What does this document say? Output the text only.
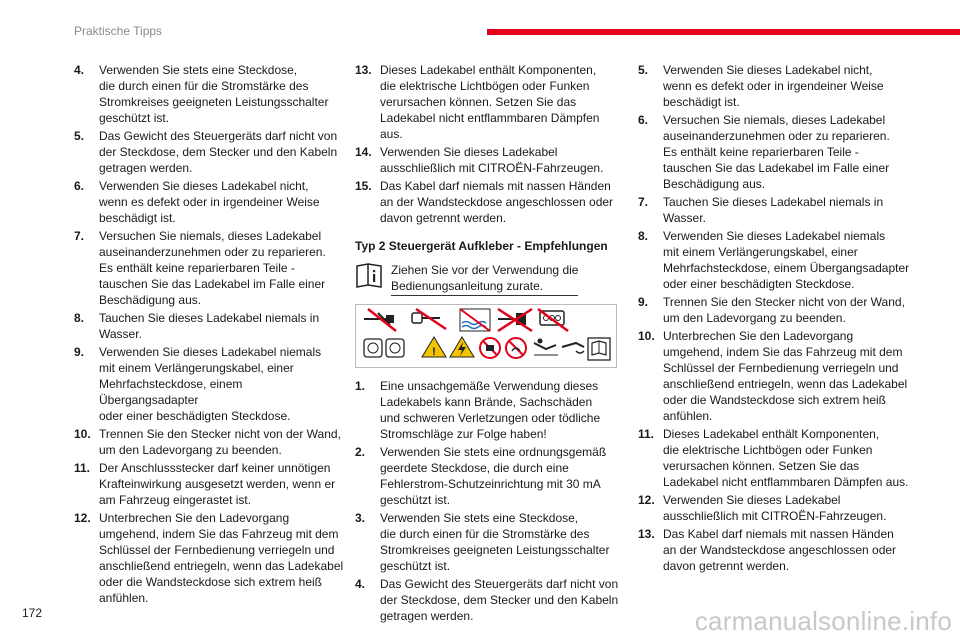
Praktische Tipps
4.	Verwenden Sie stets eine Steckdose,
die durch einen für die Stromstärke des
Stromkreises geeigneten Leistungsschalter
geschützt ist.
5.	Das Gewicht des Steuergeräts darf nicht von
der Steckdose, dem Stecker und den Kabeln
getragen werden.
6.	Verwenden Sie dieses Ladekabel nicht,
wenn es defekt oder in irgendeiner Weise
beschädigt ist.
7.	Versuchen Sie niemals, dieses Ladekabel
auseinanderzunehmen oder zu reparieren.
Es enthält keine reparierbaren Teile -
tauschen Sie das Ladekabel im Falle einer
Beschädigung aus.
8.	Tauchen Sie dieses Ladekabel niemals in
Wasser.
9.	Verwenden Sie dieses Ladekabel niemals
mit einem Verlängerungskabel, einer
Mehrfachsteckdose, einem Übergangsadapter
oder einer beschädigten Steckdose.
10. Trennen Sie den Stecker nicht von der Wand,
um den Ladevorgang zu beenden.
11. Der Anschlussstecker darf keiner unnötigen
Krafteinwirkung ausgesetzt werden, wenn er
am Fahrzeug eingerastet ist.
12. Unterbrechen Sie den Ladevorgang
umgehend, indem Sie das Fahrzeug mit dem
Schlüssel der Fernbedienung verriegeln und
anschließend entriegeln, wenn das Ladekabel
oder die Wandsteckdose sich extrem heiß
anfühlen.
13. Dieses Ladekabel enthält Komponenten,
die elektrische Lichtbögen oder Funken
verursachen können. Setzen Sie das
Ladekabel nicht entflammbaren Dämpfen aus.
14. Verwenden Sie dieses Ladekabel
ausschließlich mit CITROËN-Fahrzeugen.
15. Das Kabel darf niemals mit nassen Händen
an der Wandsteckdose angeschlossen oder
davon getrennt werden.
Typ 2 Steuergerät Aufkleber - Empfehlungen
Ziehen Sie vor der Verwendung die
Bedienungsanleitung zurate.
!
1.	Eine unsachgemäße Verwendung dieses
Ladekabels kann Brände, Sachschäden
und schweren Verletzungen oder tödliche
Stromschläge zur Folge haben!
2.	Verwenden Sie stets eine ordnungsgemäß
geerdete Steckdose, die durch eine
Fehlerstrom-Schutzeinrichtung mit 30 mA
geschützt ist.
3.	Verwenden Sie stets eine Steckdose,
die durch einen für die Stromstärke des
Stromkreises geeigneten Leistungsschalter
geschützt ist.
4.	Das Gewicht des Steuergeräts darf nicht von
der Steckdose, dem Stecker und den Kabeln
getragen werden.
5.	Verwenden Sie dieses Ladekabel nicht,
wenn es defekt oder in irgendeiner Weise
beschädigt ist.
6.	Versuchen Sie niemals, dieses Ladekabel
auseinanderzunehmen oder zu reparieren.
Es enthält keine reparierbaren Teile -
tauschen Sie das Ladekabel im Falle einer
Beschädigung aus.
7.	Tauchen Sie dieses Ladekabel niemals in
Wasser.
8.	Verwenden Sie dieses Ladekabel niemals
mit einem Verlängerungskabel, einer
Mehrfachsteckdose, einem Übergangsadapter
oder einer beschädigten Steckdose.
9.	Trennen Sie den Stecker nicht von der Wand,
um den Ladevorgang zu beenden.
10. Unterbrechen Sie den Ladevorgang
umgehend, indem Sie das Fahrzeug mit dem
Schlüssel der Fernbedienung verriegeln und
anschließend entriegeln, wenn das Ladekabel
oder die Wandsteckdose sich extrem heiß
anfühlen.
11. Dieses Ladekabel enthält Komponenten,
die elektrische Lichtbögen oder Funken
verursachen können. Setzen Sie das
Ladekabel nicht entflammbaren Dämpfen aus.
12. Verwenden Sie dieses Ladekabel
ausschließlich mit CITROËN-Fahrzeugen.
13. Das Kabel darf niemals mit nassen Händen
an der Wandsteckdose angeschlossen oder
davon getrennt werden.
172	carmanualsonline.info
